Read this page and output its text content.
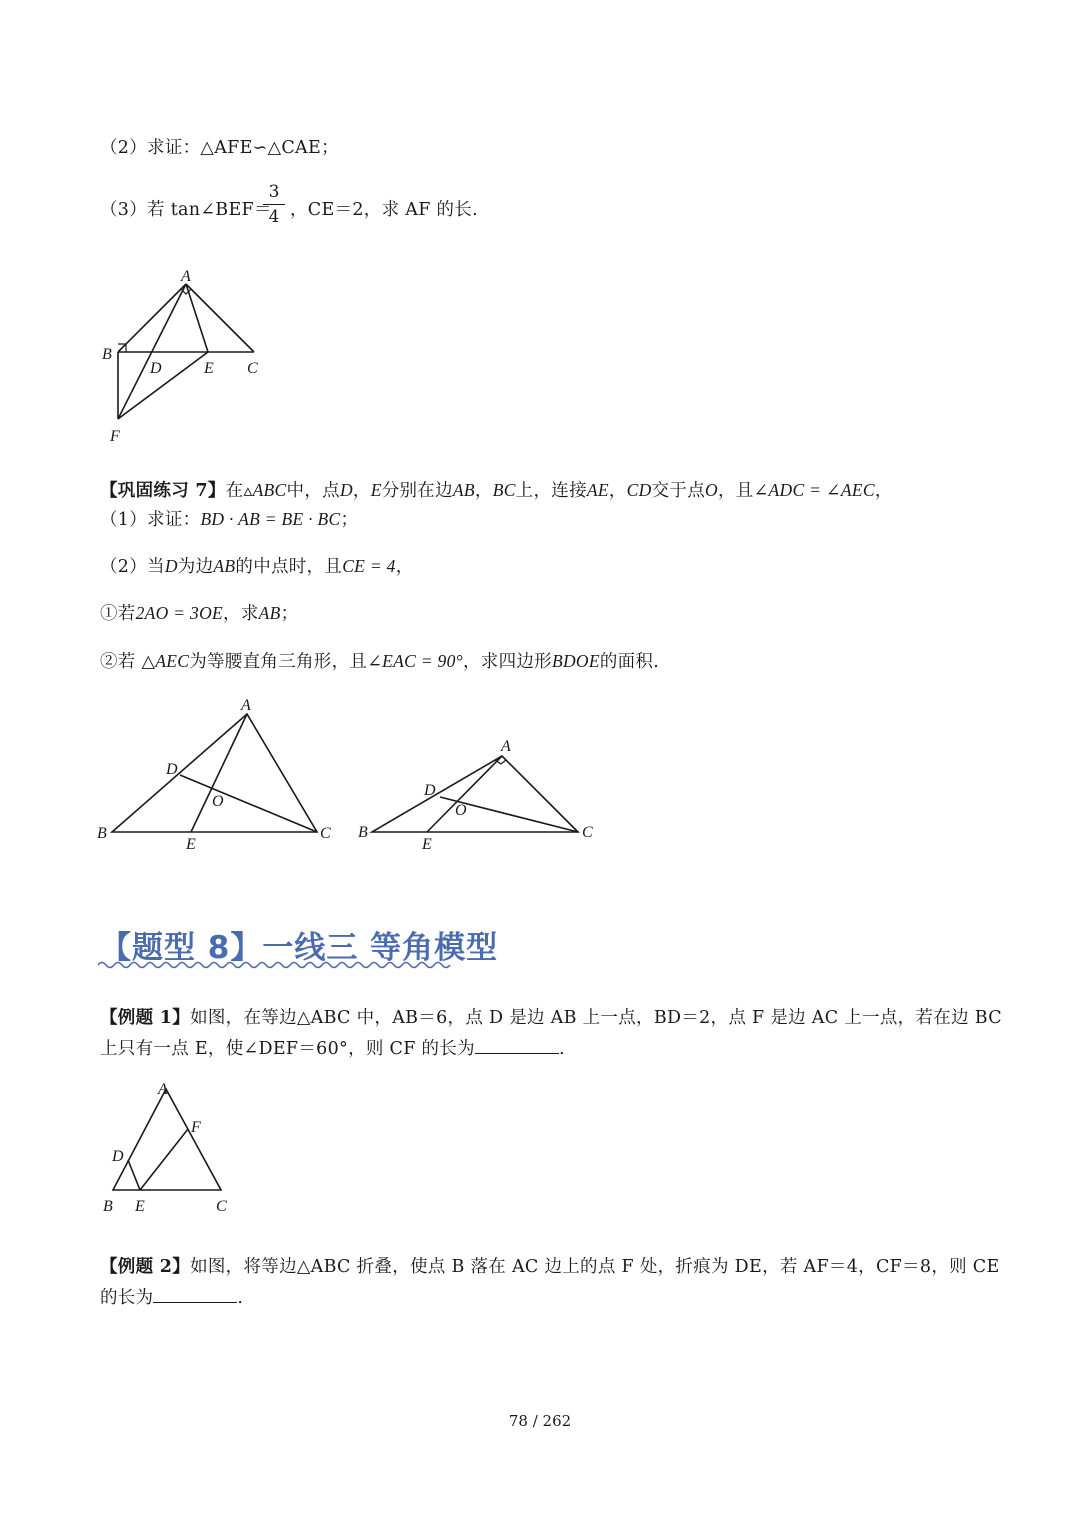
（2）求证：△AFE∽△CAE；
（3）若 tan∠BEF＝
3
4 ，CE＝2，求 AF 的长.
A
B
D	E C
F
【巩固练习 7】在▵ABC中，点D，E分别在边AB，BC上，连接AE，CD交于点O，且∠ADC = ∠AEC，
（1）求证：BD · AB = BE · BC；
（2）当D为边AB的中点时，且CE = 4，
①若2AO = 3OE，求AB；
②若 △AEC为等腰直角三角形，且∠EAC = 90°，求四边形BDOE的面积.
A
D
O
B
E
C
A
D
O
B
E
C
【题型 8】一线三 等角模型
【例题 1】如图，在等边△ABC 中，AB＝6，点 D 是边 AB 上一点，BD＝2，点 F 是边 AC 上一点，若在边 BC
上只有一点 E，使∠DEF＝60°，则 CF 的长为	.
A
F
D
B E	C
【例题 2】如图，将等边△ABC 折叠，使点 B 落在 AC 边上的点 F 处，折痕为 DE，若 AF＝4，CF＝8，则 CE
的长为	.
78 / 262
